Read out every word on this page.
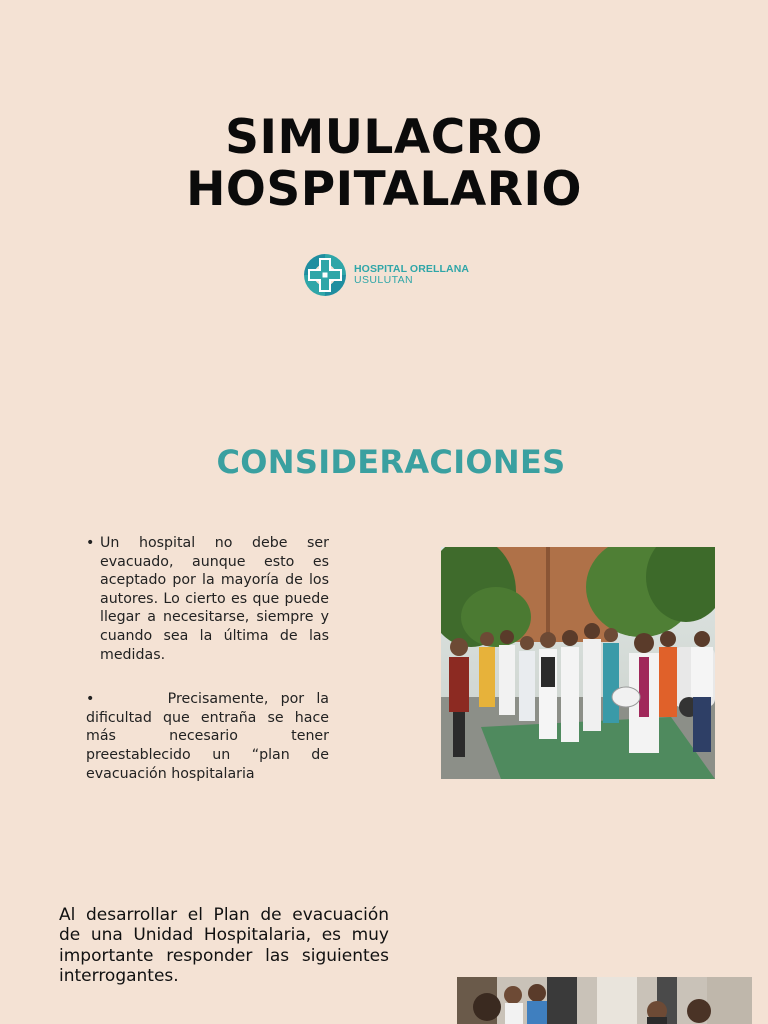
SIMULACRO
HOSPITALARIO
HOSPITAL ORELLANA
USULUTAN
CONSIDERACIONES
• Un hospital no debe ser evacuado, aunque esto es aceptado por la mayoría de los autores. Lo cierto es que puede llegar a necesitarse, siempre y cuando sea la última de las medidas.
•      Precisamente, por la dificultad que entraña se hace más necesario tener preestablecido un “plan de evacuación hospitalaria

Al desarrollar el Plan de evacuación de una Unidad Hospitalaria, es muy importante responder las siguientes interrogantes.
